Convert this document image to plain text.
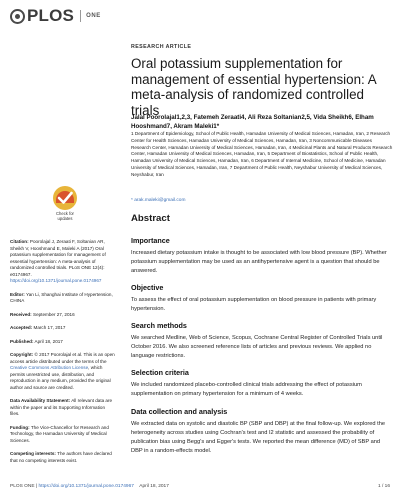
PLOS ONE
Check for updates

Citation: Poorolajal J, Zeraati F, Soltanian AR, Sheikh V, Hooshmand E, Maleki A (2017) Oral potassium supplementation for management of essential hypertension: A meta-analysis of randomized controlled trials. PLoS ONE 12(4): e0174967. https://doi.org/10.1371/journal.pone.0174967

Editor: Yan Li, Shanghai Institute of Hypertension, CHINA

Received: September 27, 2016

Accepted: March 17, 2017

Published: April 18, 2017

Copyright: © 2017 Poorolajal et al. This is an open access article distributed under the terms of the Creative Commons Attribution License, which permits unrestricted use, distribution, and reproduction in any medium, provided the original author and source are credited.

Data Availability Statement: All relevant data are within the paper and its Supporting Information files.

Funding: The Vice-Chancellor for Research and Technology, the Hamadan University of Medical Sciences.

Competing interests: The authors have declared that no competing interests exist.

RESEARCH ARTICLE
Oral potassium supplementation for management of essential hypertension: A meta-analysis of randomized controlled trials
Jalal Poorolajal1,2,3, Fatemeh Zeraati4, Ali Reza Soltanian2,5, Vida Sheikh6, Elham Hooshmand7, Akram Maleki1*
1 Department of Epidemiology, School of Public Health, Hamadan University of Medical Sciences, Hamadan, Iran, 2 Research Center for Health Sciences, Hamadan University of Medical Sciences, Hamadan, Iran, 3 Noncommunicable Diseases Research Center, Hamadan University of Medical Sciences, Hamadan, Iran, 4 Medicinal Plants and Natural Products Research Center, Hamadan University of Medical Sciences, Hamadan, Iran, 5 Department of Biostatistics, School of Public Health, Hamadan University of Medical Sciences, Hamadan, Iran, 6 Department of Internal Medicine, School of Medicine, Hamadan University of Medical Sciences, Hamadan, Iran, 7 Department of Public Health, Neyshabur University of Medical Sciences, Neyshabur, Iran
* arak.maleki@gmail.com
Abstract
Importance

Increased dietary potassium intake is thought to be associated with low blood pressure (BP). Whether potassium supplementation may be used as an antihypertensive agent is a question that should be answered.

Objective

To assess the effect of oral potassium supplementation on blood pressure in patients with primary hypertension.

Search methods

We searched Medline, Web of Science, Scopus, Cochrane Central Register of Controlled Trials until October 2016. We also screened reference lists of articles and previous reviews. We applied no language restrictions.

Selection criteria

We included randomized placebo-controlled clinical trials addressing the effect of potassium supplementation on primary hypertension for a minimum of 4 weeks.

Data collection and analysis

We extracted data on systolic and diastolic BP (SBP and DBP) at the final follow-up. We explored the heterogeneity across studies using Cochran's test and I2 statistic and assessed the probability of publication bias using Begg's and Egger's tests. We reported the mean difference (MD) of SBP and DBP in a random-effects model.

PLOS ONE | https://doi.org/10.1371/journal.pone.0174967 April 18, 2017	1 / 16
